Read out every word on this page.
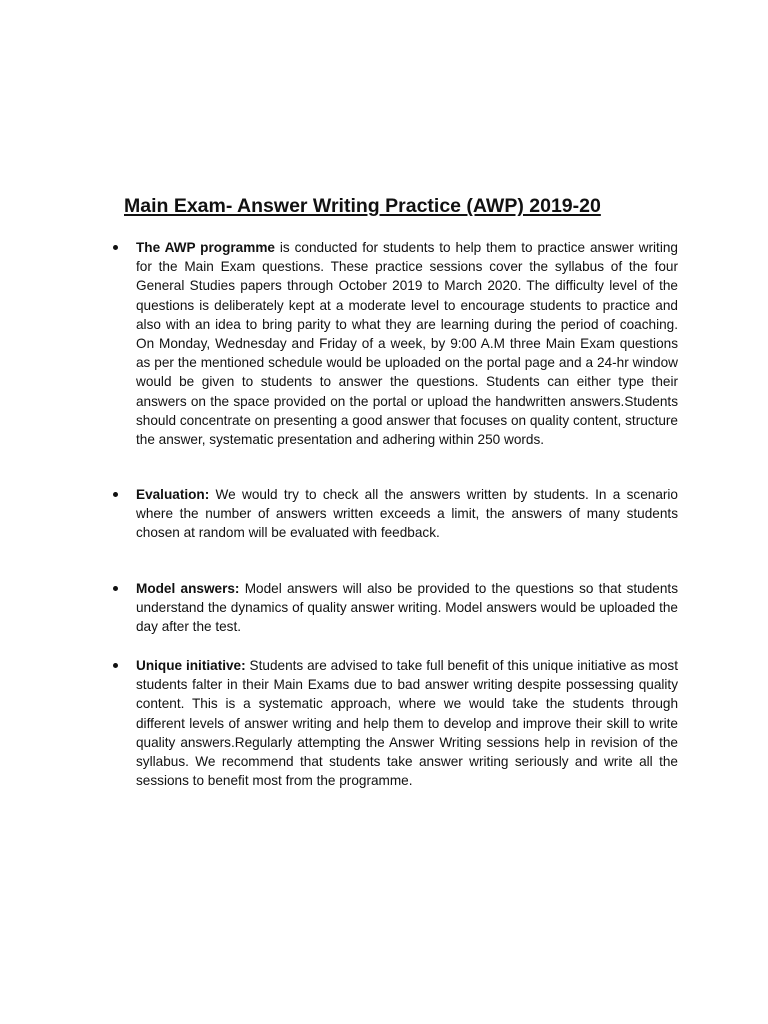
Main Exam- Answer Writing Practice (AWP) 2019-20
The AWP programme is conducted for students to help them to practice answer writing for the Main Exam questions. These practice sessions cover the syllabus of the four General Studies papers through October 2019 to March 2020. The difficulty level of the questions is deliberately kept at a moderate level to encourage students to practice and also with an idea to bring parity to what they are learning during the period of coaching. On Monday, Wednesday and Friday of a week, by 9:00 A.M three Main Exam questions as per the mentioned schedule would be uploaded on the portal page and a 24-hr window would be given to students to answer the questions. Students can either type their answers on the space provided on the portal or upload the handwritten answers.Students should concentrate on presenting a good answer that focuses on quality content, structure the answer, systematic presentation and adhering within 250 words.
Evaluation: We would try to check all the answers written by students. In a scenario where the number of answers written exceeds a limit, the answers of many students chosen at random will be evaluated with feedback.
Model answers: Model answers will also be provided to the questions so that students understand the dynamics of quality answer writing. Model answers would be uploaded the day after the test.
Unique initiative: Students are advised to take full benefit of this unique initiative as most students falter in their Main Exams due to bad answer writing despite possessing quality content. This is a systematic approach, where we would take the students through different levels of answer writing and help them to develop and improve their skill to write quality answers.Regularly attempting the Answer Writing sessions help in revision of the syllabus. We recommend that students take answer writing seriously and write all the sessions to benefit most from the programme.
